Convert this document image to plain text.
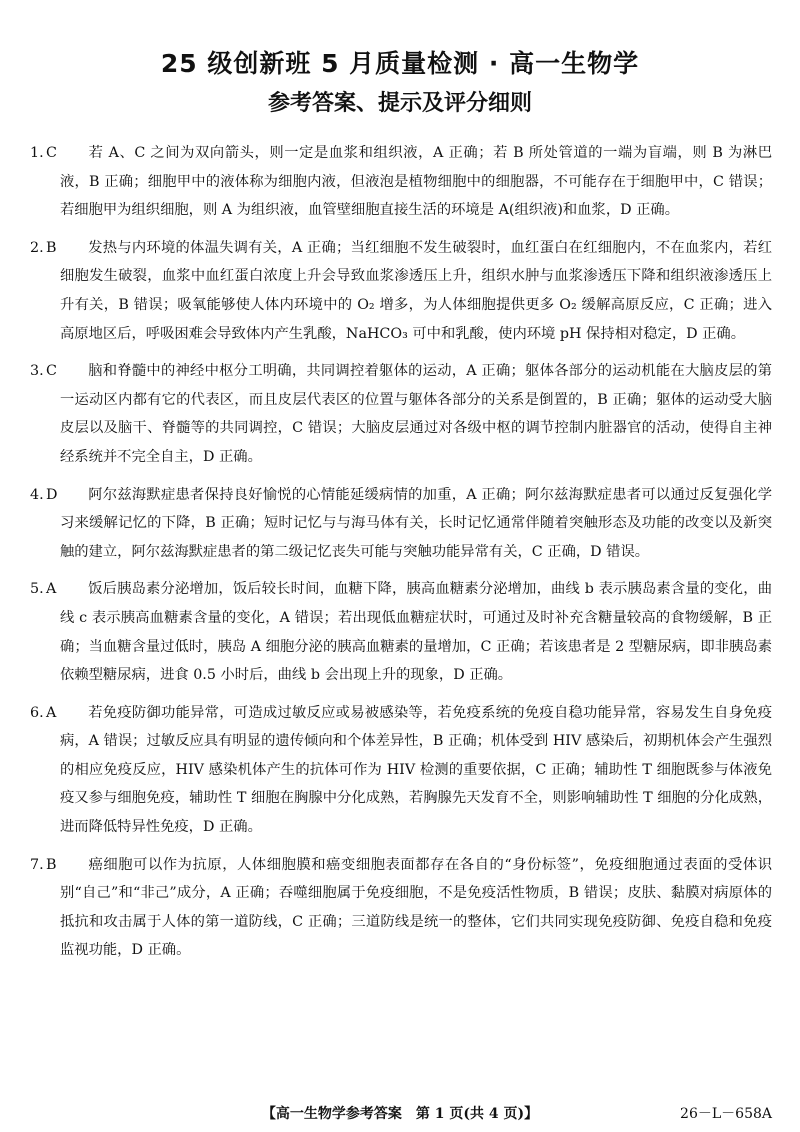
25 级创新班 5 月质量检测 · 高一生物学
参考答案、提示及评分细则
1. C 若 A、C 之间为双向箭头，则一定是血浆和组织液，A 正确；若 B 所处管道的一端为盲端，则 B 为淋巴液，B 正确；细胞甲中的液体称为细胞内液，但液泡是植物细胞中的细胞器，不可能存在于细胞甲中，C 错误；若细胞甲为组织细胞，则 A 为组织液，血管壁细胞直接生活的环境是 A(组织液)和血浆，D 正确。
2. B 发热与内环境的体温失调有关，A 正确；当红细胞不发生破裂时，血红蛋白在红细胞内，不在血浆内，若红细胞发生破裂，血浆中血红蛋白浓度上升会导致血浆渗透压上升，组织水肿与血浆渗透压下降和组织液渗透压上升有关，B 错误；吸氧能够使人体内环境中的 O₂ 增多，为人体细胞提供更多 O₂ 缓解高原反应，C 正确；进入高原地区后，呼吸困难会导致体内产生乳酸，NaHCO₃ 可中和乳酸，使内环境 pH 保持相对稳定，D 正确。
3. C 脑和脊髓中的神经中枢分工明确，共同调控着躯体的运动，A 正确；躯体各部分的运动机能在大脑皮层的第一运动区内都有它的代表区，而且皮层代表区的位置与躯体各部分的关系是倒置的，B 正确；躯体的运动受大脑皮层以及脑干、脊髓等的共同调控，C 错误；大脑皮层通过对各级中枢的调节控制内脏器官的活动，使得自主神经系统并不完全自主，D 正确。
4. D 阿尔兹海默症患者保持良好愉悦的心情能延缓病情的加重，A 正确；阿尔兹海默症患者可以通过反复强化学习来缓解记忆的下降，B 正确；短时记忆与与海马体有关，长时记忆通常伴随着突触形态及功能的改变以及新突触的建立，阿尔兹海默症患者的第二级记忆丧失可能与突触功能异常有关，C 正确，D 错误。
5. A 饭后胰岛素分泌增加，饭后较长时间，血糖下降，胰高血糖素分泌增加，曲线 b 表示胰岛素含量的变化，曲线 c 表示胰高血糖素含量的变化，A 错误；若出现低血糖症状时，可通过及时补充含糖量较高的食物缓解，B 正确；当血糖含量过低时，胰岛 A 细胞分泌的胰高血糖素的量增加，C 正确；若该患者是 2 型糖尿病，即非胰岛素依赖型糖尿病，进食 0.5 小时后，曲线 b 会出现上升的现象，D 正确。
6. A 若免疫防御功能异常，可造成过敏反应或易被感染等，若免疫系统的免疫自稳功能异常，容易发生自身免疫病，A 错误；过敏反应具有明显的遗传倾向和个体差异性，B 正确；机体受到 HIV 感染后，初期机体会产生强烈的相应免疫反应，HIV 感染机体产生的抗体可作为 HIV 检测的重要依据，C 正确；辅助性 T 细胞既参与体液免疫又参与细胞免疫，辅助性 T 细胞在胸腺中分化成熟，若胸腺先天发育不全，则影响辅助性 T 细胞的分化成熟，进而降低特异性免疫，D 正确。
7. B 癌细胞可以作为抗原，人体细胞膜和癌变细胞表面都存在各自的“身份标签”，免疫细胞通过表面的受体识别“自己”和“非己”成分，A 正确；吞噬细胞属于免疫细胞，不是免疫活性物质，B 错误；皮肤、黏膜对病原体的抵抗和攻击属于人体的第一道防线，C 正确；三道防线是统一的整体，它们共同实现免疫防御、免疫自稳和免疫监视功能，D 正确。
【高一生物学参考答案　第 1 页(共 4 页)】	26－L－658A
